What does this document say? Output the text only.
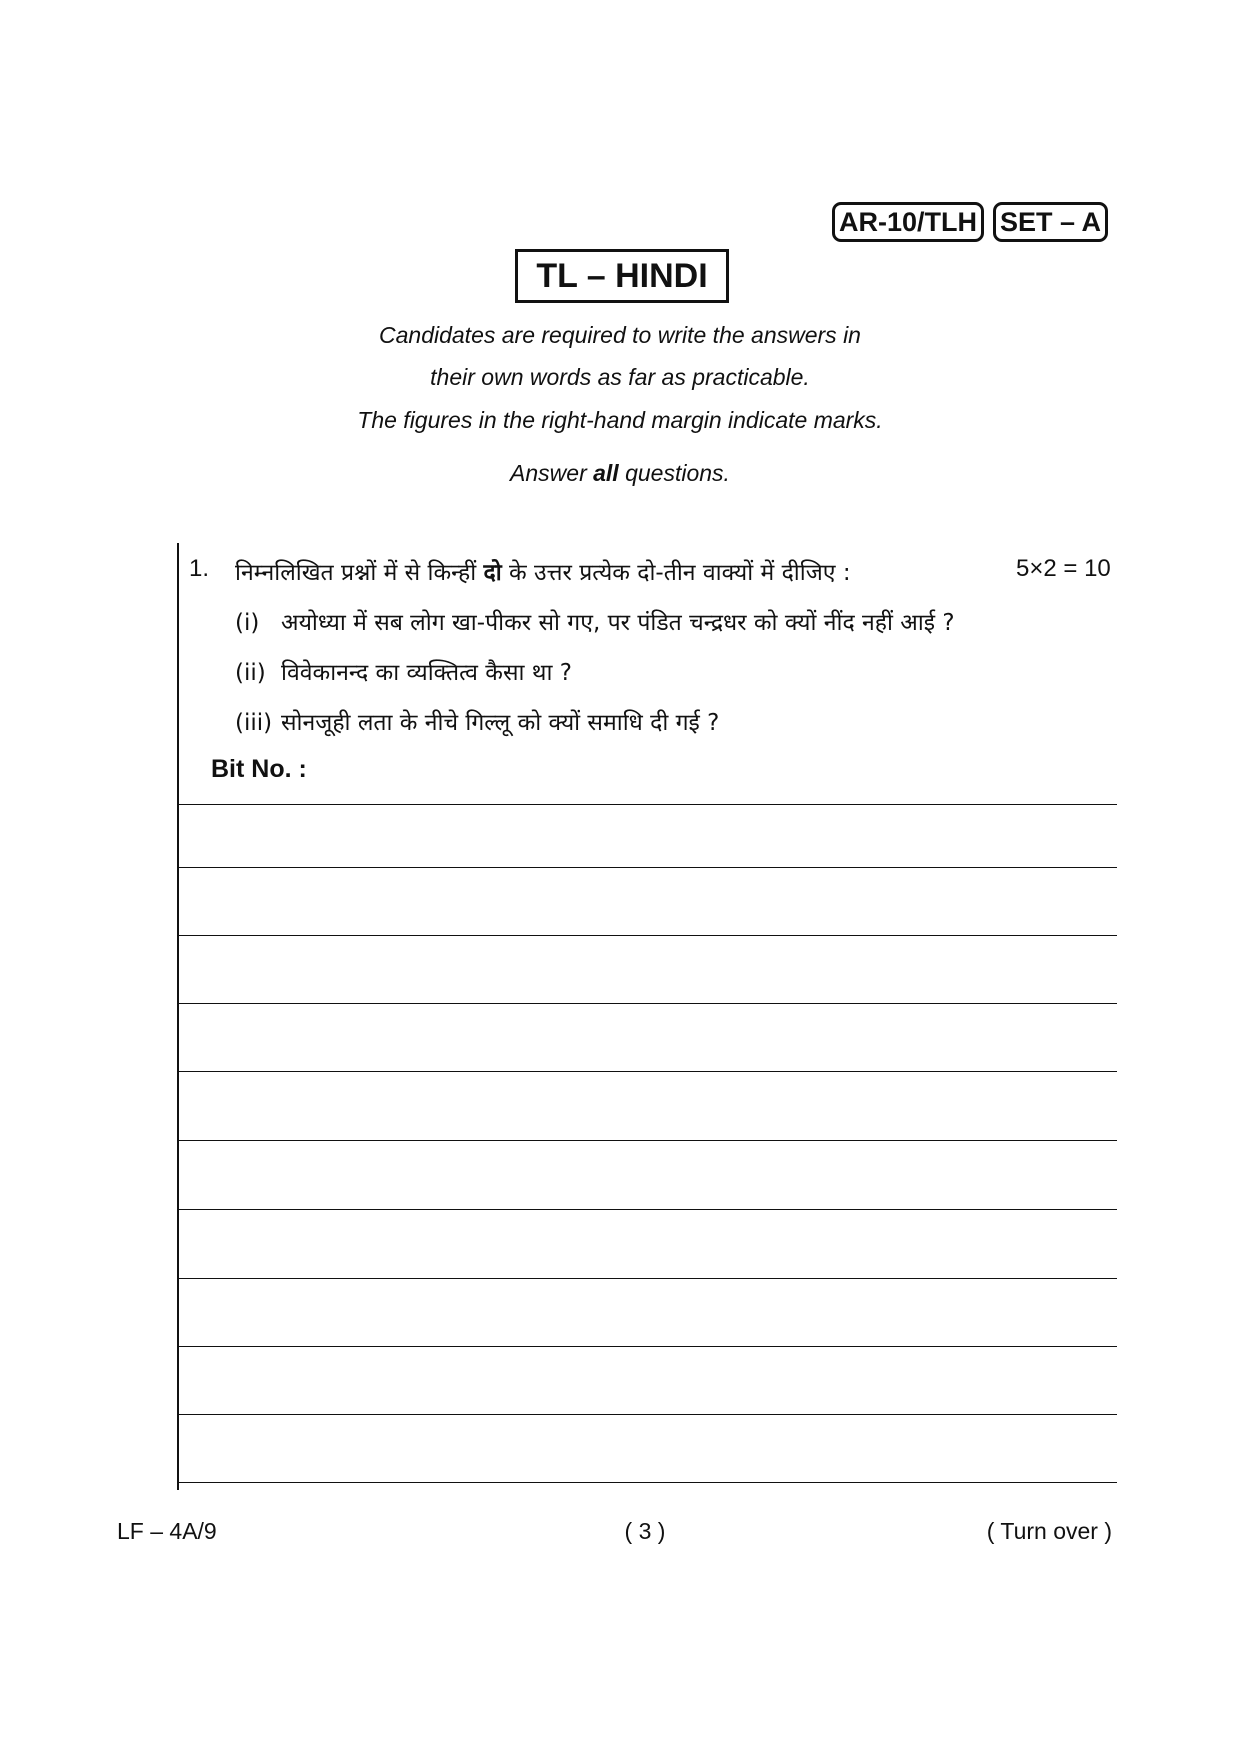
AR-10/TLH SET – A
TL – HINDI
Candidates are required to write the answers in
their own words as far as practicable.
The figures in the right-hand margin indicate marks.
Answer all questions.
1. निम्नलिखित प्रश्नों में से किन्हीं दो के उत्तर प्रत्येक दो-तीन वाक्यों में दीजिए :	5×2 = 10
(i) अयोध्या में सब लोग खा-पीकर सो गए, पर पंडित चन्द्रधर को क्यों नींद नहीं आई ?
(ii) विवेकानन्द का व्यक्तित्व कैसा था ?
(iii) सोनजूही लता के नीचे गिल्लू को क्यों समाधि दी गई ?
Bit No. :
LF – 4A/9	( 3 )	( Turn over )
